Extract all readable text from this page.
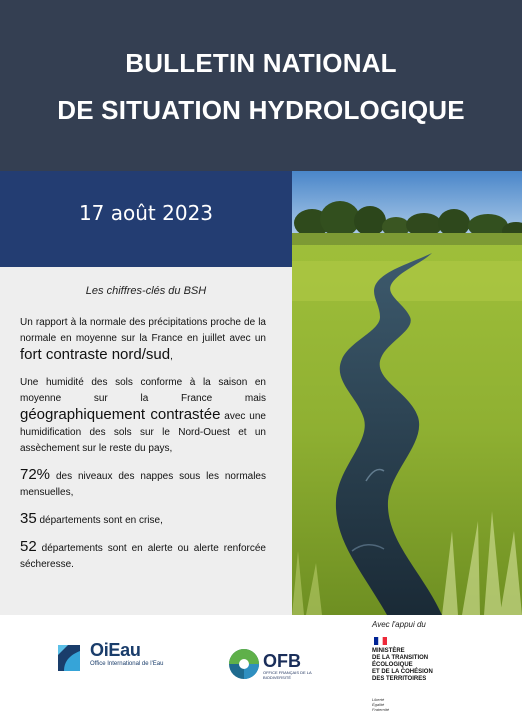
BULLETIN NATIONAL
DE SITUATION HYDROLOGIQUE
17 août 2023
Les chiffres-clés du BSH

Un rapport à la normale des précipitations proche de la normale en moyenne sur la France en juillet avec un fort contraste nord/sud,

Une humidité des sols conforme à la saison en moyenne sur la France mais géographiquement contrastée avec une humidification des sols sur le Nord-Ouest et un assèchement sur le reste du pays,

72% des niveaux des nappes sous les normales mensuelles,

35 départements sont en crise,

52 départements sont en alerte ou alerte renforcée sécheresse.

OiEau
Office International de l'Eau	OFB
OFFICE FRANÇAIS DE LA BIODIVERSITÉ
Avec l'appui du
MINISTÈRE
DE LA TRANSITION
ÉCOLOGIQUE
ET DE LA COHÉSION
DES TERRITOIRES
Liberté
Égalité
Fraternité
